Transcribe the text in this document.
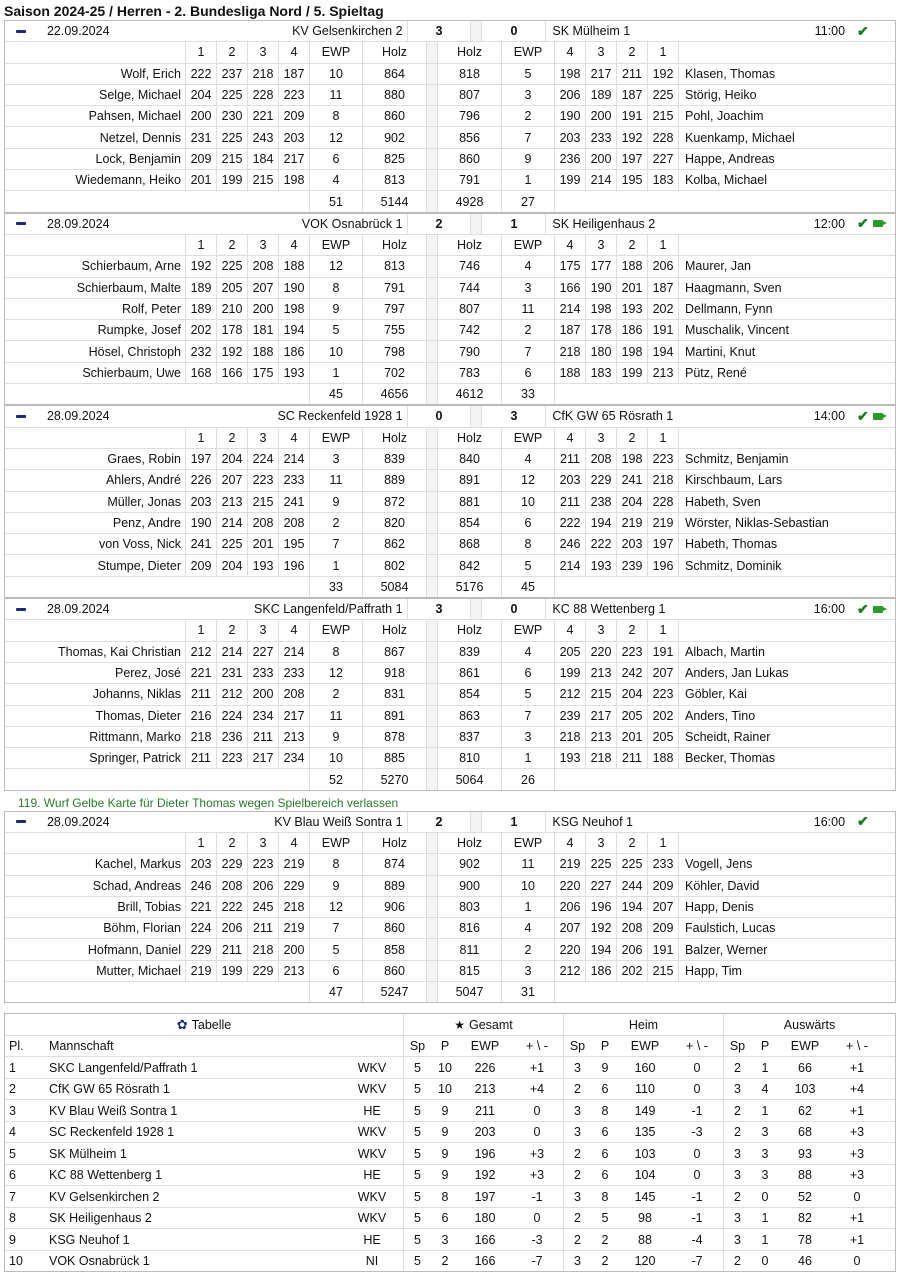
Saison 2024-25 / Herren - 2. Bundesliga Nord / 5. Spieltag
22.09.2024	KV Gelsenkirchen 2	3	0	SK Mülheim 1	11:00 ✔
1	2	3	4	EWP	Holz	Holz	EWP	4	3	2	1
Wolf, Erich 222 237 218 187	10	864	818	5	198 217 211 192 Klasen, Thomas
Selge, Michael 204 225 228 223	11	880	807	3	206 189 187 225 Störig, Heiko
Pahsen, Michael 200 230 221 209	8	860	796	2	190 200 191 215 Pohl, Joachim
Netzel, Dennis 231 225 243 203	12	902	856	7	203 233 192 228 Kuenkamp, Michael
Lock, Benjamin 209 215 184 217	6	825	860	9	236 200 197 227 Happe, Andreas
Wiedemann, Heiko 201 199 215 198	4	813	791	1	199 214 195 183 Kolba, Michael
51	5144	4928	27
28.09.2024	VOK Osnabrück 1	2	1	SK Heiligenhaus 2	12:00 ✔
1	2	3	4	EWP	Holz	Holz	EWP	4	3	2	1
Schierbaum, Arne 192 225 208 188	12	813	746	4	175 177 188 206 Maurer, Jan
Schierbaum, Malte 189 205 207 190	8	791	744	3	166 190 201 187 Haagmann, Sven
Rolf, Peter 189 210 200 198	9	797	807	11	214 198 193 202 Dellmann, Fynn
Rumpke, Josef 202 178 181 194	5	755	742	2	187 178 186 191 Muschalik, Vincent
Hösel, Christoph 232 192 188 186	10	798	790	7	218 180 198 194 Martini, Knut
Schierbaum, Uwe 168 166 175 193	1	702	783	6	188 183 199 213 Pütz, René
45	4656	4612	33
28.09.2024	SC Reckenfeld 1928 1	0	3	CfK GW 65 Rösrath 1	14:00 ✔
1	2	3	4	EWP	Holz	Holz	EWP	4	3	2	1
Graes, Robin 197 204 224 214	3	839	840	4	211 208 198 223 Schmitz, Benjamin
Ahlers, André 226 207 223 233	11	889	891	12	203 229 241 218 Kirschbaum, Lars
Müller, Jonas 203 213 215 241	9	872	881	10	211 238 204 228 Habeth, Sven
Penz, Andre 190 214 208 208	2	820	854	6	222 194 219 219 Wörster, Niklas-Sebastian
von Voss, Nick 241 225 201 195	7	862	868	8	246 222 203 197 Habeth, Thomas
Stumpe, Dieter 209 204 193 196	1	802	842	5	214 193 239 196 Schmitz, Dominik
33	5084	5176	45
28.09.2024	SKC Langenfeld/Paffrath 1	3	0	KC 88 Wettenberg 1	16:00 ✔
1	2	3	4	EWP	Holz	Holz	EWP	4	3	2	1
Thomas, Kai Christian 212 214 227 214	8	867	839	4	205 220 223 191 Albach, Martin
Perez, José 221 231 233 233	12	918	861	6	199 213 242 207 Anders, Jan Lukas
Johanns, Niklas 211 212 200 208	2	831	854	5	212 215 204 223 Göbler, Kai
Thomas, Dieter 216 224 234 217	11	891	863	7	239 217 205 202 Anders, Tino
Rittmann, Marko 218 236 211 213	9	878	837	3	218 213 201 205 Scheidt, Rainer
Springer, Patrick 211 223 217 234	10	885	810	1	193 218 211 188 Becker, Thomas
52	5270	5064	26
119. Wurf Gelbe Karte für Dieter Thomas wegen Spielbereich verlassen
28.09.2024	KV Blau Weiß Sontra 1	2	1	KSG Neuhof 1	16:00 ✔
1	2	3	4	EWP	Holz	Holz	EWP	4	3	2	1
Kachel, Markus 203 229 223 219	8	874	902	11	219 225 225 233 Vogell, Jens
Schad, Andreas 246 208 206 229	9	889	900	10	220 227 244 209 Köhler, David
Brill, Tobias 221 222 245 218	12	906	803	1	206 196 194 207 Happ, Denis
Böhm, Florian 224 206 211 219	7	860	816	4	207 192 208 209 Faulstich, Lucas
Hofmann, Daniel 229 211 218 200	5	858	811	2	220 194 206 191 Balzer, Werner
Mutter, Michael 219 199 229 213	6	860	815	3	212 186 202 215 Happ, Tim
47	5247	5047	31
✿ Tabelle	★ Gesamt	Heim	Auswärts
Pl.	Mannschaft	Sp	P	EWP	+ \ -	Sp	P	EWP	+ \ -	Sp	P	EWP	+ \ -
1	SKC Langenfeld/Paffrath 1	WKV	5	10	226	+1	3	9	160	0	2	1	66	+1
2	CfK GW 65 Rösrath 1	WKV	5	10	213	+4	2	6	110	0	3	4	103	+4
3	KV Blau Weiß Sontra 1	HE	5	9	211	0	3	8	149	-1	2	1	62	+1
4	SC Reckenfeld 1928 1	WKV	5	9	203	0	3	6	135	-3	2	3	68	+3
5	SK Mülheim 1	WKV	5	9	196	+3	2	6	103	0	3	3	93	+3
6	KC 88 Wettenberg 1	HE	5	9	192	+3	2	6	104	0	3	3	88	+3
7	KV Gelsenkirchen 2	WKV	5	8	197	-1	3	8	145	-1	2	0	52	0
8	SK Heiligenhaus 2	WKV	5	6	180	0	2	5	98	-1	3	1	82	+1
9	KSG Neuhof 1	HE	5	3	166	-3	2	2	88	-4	3	1	78	+1
10	VOK Osnabrück 1	NI	5	2	166	-7	3	2	120	-7	2	0	46	0
